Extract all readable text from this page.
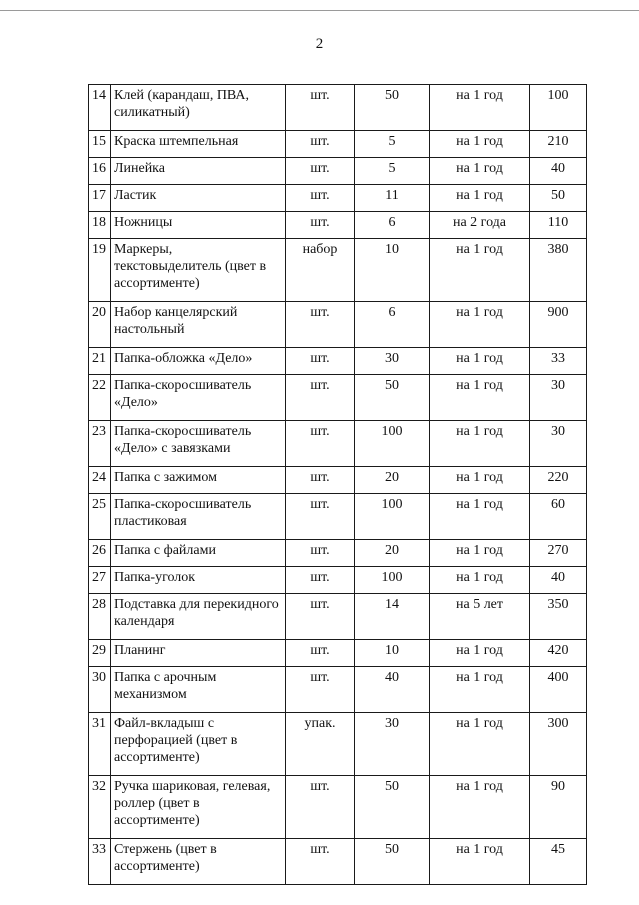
2
14	Клей (карандаш, ПВА, силикатный)	шт.	50	на 1 год	100
15	Краска штемпельная	шт.	5	на 1 год	210
16	Линейка	шт.	5	на 1 год	40
17	Ластик	шт.	11	на 1 год	50
18	Ножницы	шт.	6	на 2 года	110
19	Маркеры, текстовыделитель (цвет в ассортименте)	набор	10	на 1 год	380
20	Набор канцелярский настольный	шт.	6	на 1 год	900
21	Папка-обложка «Дело»	шт.	30	на 1 год	33
22	Папка-скоросшиватель «Дело»	шт.	50	на 1 год	30
23	Папка-скоросшиватель «Дело» с завязками	шт.	100	на 1 год	30
24	Папка с зажимом	шт.	20	на 1 год	220
25	Папка-скоросшиватель пластиковая	шт.	100	на 1 год	60
26	Папка с файлами	шт.	20	на 1 год	270
27	Папка-уголок	шт.	100	на 1 год	40
28	Подставка для перекидного календаря	шт.	14	на 5 лет	350
29	Планинг	шт.	10	на 1 год	420
30	Папка с арочным механизмом	шт.	40	на 1 год	400
31	Файл-вкладыш с перфорацией (цвет в ассортименте)	упак.	30	на 1 год	300
32	Ручка шариковая, гелевая, роллер (цвет в ассортименте)	шт.	50	на 1 год	90
33	Стержень (цвет в ассортименте)	шт.	50	на 1 год	45
